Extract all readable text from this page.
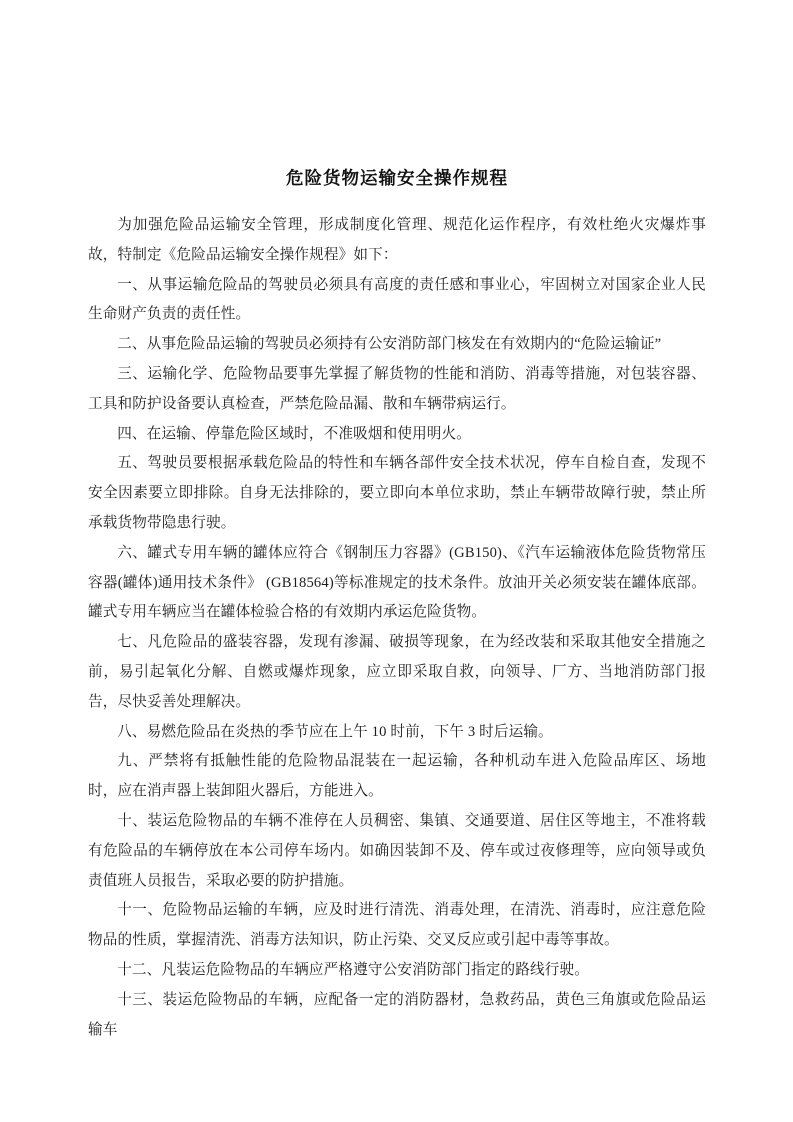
危险货物运输安全操作规程

为加强危险品运输安全管理，形成制度化管理、规范化运作程序，有效杜绝火灾爆炸事故，特制定《危险品运输安全操作规程》如下：

一、从事运输危险品的驾驶员必须具有高度的责任感和事业心，牢固树立对国家企业人民生命财产负责的责任性。

二、从事危险品运输的驾驶员必须持有公安消防部门核发在有效期内的“危险运输证”

三、运输化学、危险物品要事先掌握了解货物的性能和消防、消毒等措施，对包装容器、工具和防护设备要认真检查，严禁危险品漏、散和车辆带病运行。

四、在运输、停靠危险区域时，不准吸烟和使用明火。

五、驾驶员要根据承载危险品的特性和车辆各部件安全技术状况，停车自检自查，发现不安全因素要立即排除。自身无法排除的，要立即向本单位求助，禁止车辆带故障行驶，禁止所承载货物带隐患行驶。

六、罐式专用车辆的罐体应符合《钢制压力容器》(GB150)、《汽车运输液体危险货物常压容器(罐体)通用技术条件》 (GB18564)等标准规定的技术条件。放油开关必须安装在罐体底部。罐式专用车辆应当在罐体检验合格的有效期内承运危险货物。

七、凡危险品的盛装容器，发现有渗漏、破损等现象，在为经改装和采取其他安全措施之前，易引起氧化分解、自燃或爆炸现象，应立即采取自救，向领导、厂方、当地消防部门报告，尽快妥善处理解决。

八、易燃危险品在炎热的季节应在上午 10 时前，下午 3 时后运输。

九、严禁将有抵触性能的危险物品混装在一起运输，各种机动车进入危险品库区、场地时，应在消声器上装卸阻火器后，方能进入。

十、装运危险物品的车辆不准停在人员稠密、集镇、交通要道、居住区等地主，不准将载有危险品的车辆停放在本公司停车场内。如确因装卸不及、停车或过夜修理等，应向领导或负责值班人员报告，采取必要的防护措施。

十一、危险物品运输的车辆，应及时进行清洗、消毒处理，在清洗、消毒时，应注意危险物品的性质，掌握清洗、消毒方法知识，防止污染、交叉反应或引起中毒等事故。

十二、凡装运危险物品的车辆应严格遵守公安消防部门指定的路线行驶。

十三、装运危险物品的车辆，应配备一定的消防器材，急救药品，黄色三角旗或危险品运输车
